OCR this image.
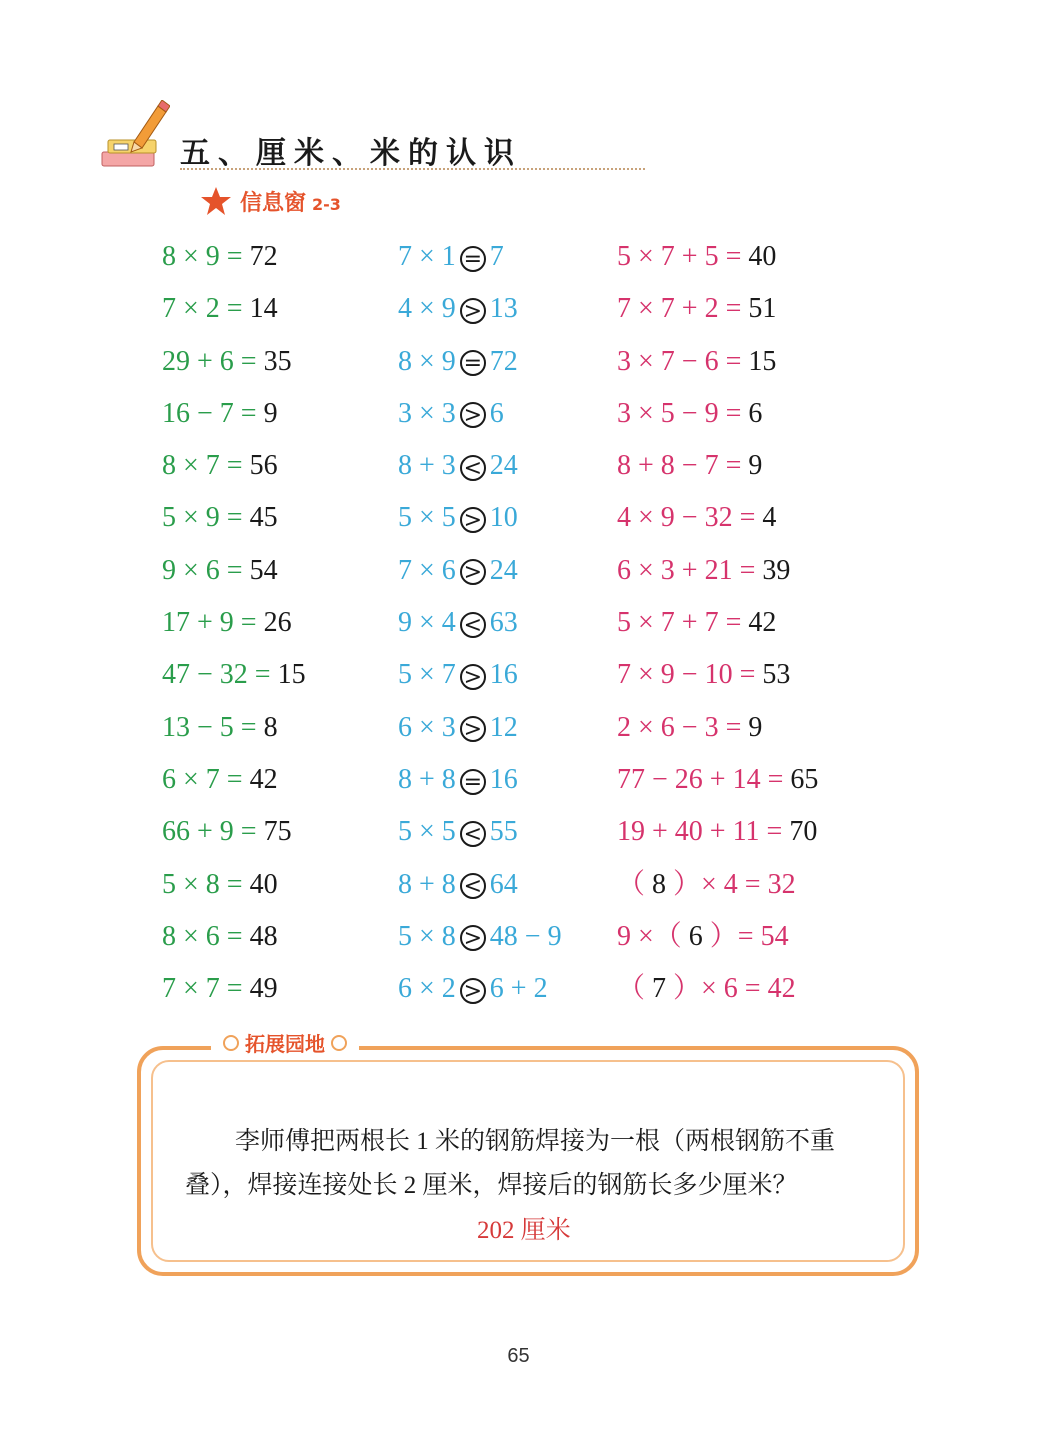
五、厘米、米的认识
信息窗 2-3
8 × 9 = 72
7 × 2 = 14
29 + 6 = 35
16 − 7 = 9
8 × 7 = 56
5 × 9 = 45
9 × 6 = 54
17 + 9 = 26
47 − 32 = 15
13 − 5 = 8
6 × 7 = 42
66 + 9 = 75
5 × 8 = 40
8 × 6 = 48
7 × 7 = 49
7 × 1 = 7
4 × 9 > 13
8 × 9 = 72
3 × 3 > 6
8 + 3 < 24
5 × 5 > 10
7 × 6 > 24
9 × 4 < 63
5 × 7 > 16
6 × 3 > 12
8 + 8 = 16
5 × 5 < 55
8 + 8 < 64
5 × 8 > 48 − 9
6 × 2 > 6 + 2
5 × 7 + 5 = 40
7 × 7 + 2 = 51
3 × 7 − 6 = 15
3 × 5 − 9 = 6
8 + 8 − 7 = 9
4 × 9 − 32 = 4
6 × 3 + 21 = 39
5 × 7 + 7 = 42
7 × 9 − 10 = 53
2 × 6 − 3 = 9
77 − 26 + 14 = 65
19 + 40 + 11 = 70
（ 8 ）× 4 = 32
9 ×（ 6 ）= 54
（ 7 ）× 6 = 42
拓展园地
李师傅把两根长 1 米的钢筋焊接为一根（两根钢筋不重叠），焊接连接处长 2 厘米，焊接后的钢筋长多少厘米？
202 厘米
65
